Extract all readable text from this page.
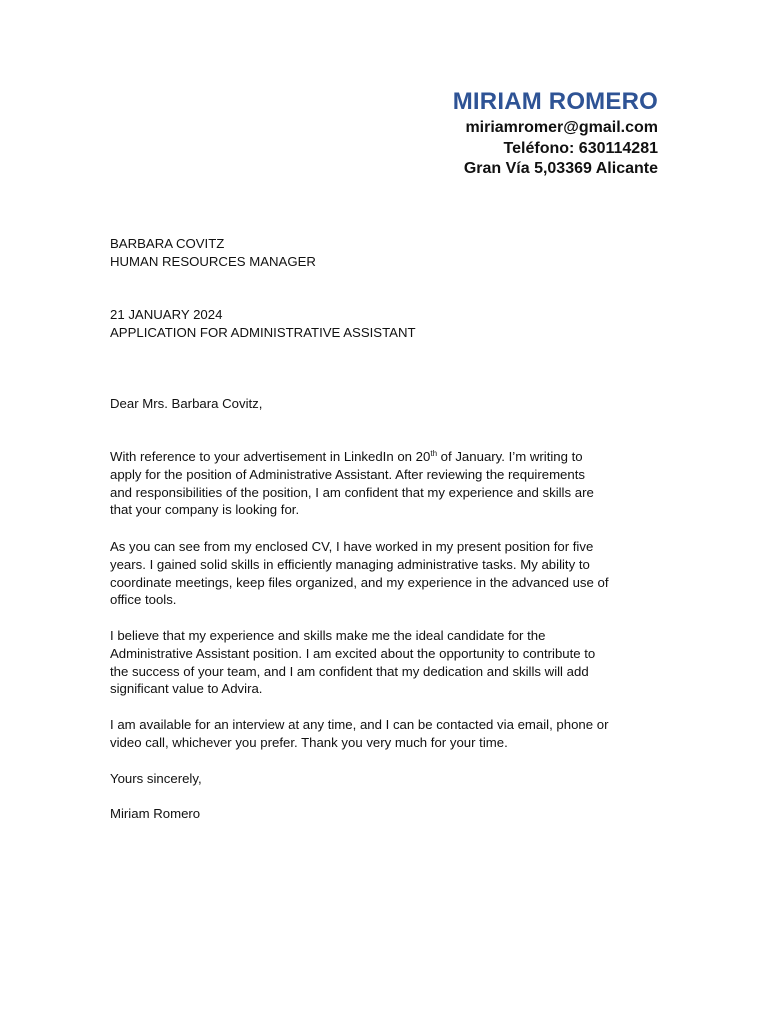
MIRIAM ROMERO
miriamromer@gmail.com
Teléfono: 630114281
Gran Vía 5,03369 Alicante
BARBARA COVITZ
HUMAN RESOURCES MANAGER
21 JANUARY 2024
APPLICATION FOR ADMINISTRATIVE ASSISTANT
Dear Mrs. Barbara Covitz,
With reference to your advertisement in LinkedIn on 20th of January. I’m writing to
apply for the position of Administrative Assistant. After reviewing the requirements
and responsibilities of the position, I am confident that my experience and skills are
that your company is looking for.
As you can see from my enclosed CV, I have worked in my present position for five
years. I gained solid skills in efficiently managing administrative tasks. My ability to
coordinate meetings, keep files organized, and my experience in the advanced use of
office tools.
I believe that my experience and skills make me the ideal candidate for the
Administrative Assistant position. I am excited about the opportunity to contribute to
the success of your team, and I am confident that my dedication and skills will add
significant value to Advira.
I am available for an interview at any time, and I can be contacted via email, phone or
video call, whichever you prefer. Thank you very much for your time.
Yours sincerely,
Miriam Romero
